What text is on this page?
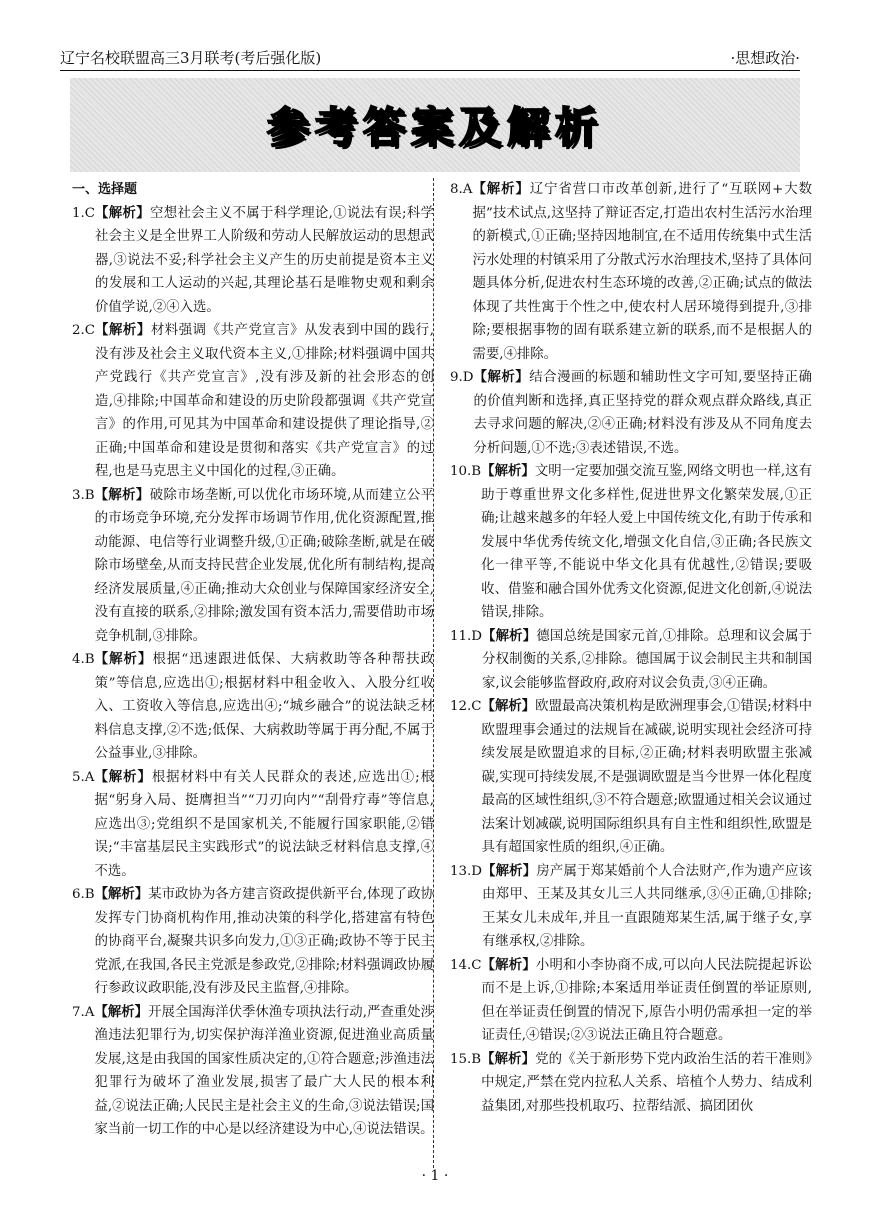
辽宁名校联盟高三3月联考(考后强化版)	·思想政治·
参考答案及解析
一、选择题
1.C 【解析】空想社会主义不属于科学理论,①说法有误;科学社会主义是全世界工人阶级和劳动人民解放运动的思想武器,③说法不妥;科学社会主义产生的历史前提是资本主义的发展和工人运动的兴起,其理论基石是唯物史观和剩余价值学说,②④入选。
2.C 【解析】材料强调《共产党宣言》从发表到中国的践行,没有涉及社会主义取代资本主义,①排除;材料强调中国共产党践行《共产党宣言》,没有涉及新的社会形态的创造,④排除;中国革命和建设的历史阶段都强调《共产党宣言》的作用,可见其为中国革命和建设提供了理论指导,②正确;中国革命和建设是贯彻和落实《共产党宣言》的过程,也是马克思主义中国化的过程,③正确。
3.B 【解析】破除市场垄断,可以优化市场环境,从而建立公平的市场竞争环境,充分发挥市场调节作用,优化资源配置,推动能源、电信等行业调整升级,①正确;破除垄断,就是在破除市场壁垒,从而支持民营企业发展,优化所有制结构,提高经济发展质量,④正确;推动大众创业与保障国家经济安全,没有直接的联系,②排除;激发国有资本活力,需要借助市场竞争机制,③排除。
4.B 【解析】根据“迅速跟进低保、大病救助等各种帮扶政策”等信息,应选出①;根据材料中租金收入、入股分红收入、工资收入等信息,应选出④;“城乡融合”的说法缺乏材料信息支撑,②不选;低保、大病救助等属于再分配,不属于公益事业,③排除。
5.A 【解析】根据材料中有关人民群众的表述,应选出①;根据“躬身入局、挺膺担当”“刀刃向内”“刮骨疗毒”等信息,应选出③;党组织不是国家机关,不能履行国家职能,②错误;“丰富基层民主实践形式”的说法缺乏材料信息支撑,④不选。
6.B 【解析】某市政协为各方建言资政提供新平台,体现了政协发挥专门协商机构作用,推动决策的科学化,搭建富有特色的协商平台,凝聚共识多向发力,①③正确;政协不等于民主党派,在我国,各民主党派是参政党,②排除;材料强调政协履行参政议政职能,没有涉及民主监督,④排除。
7.A 【解析】开展全国海洋伏季休渔专项执法行动,严查重处涉渔违法犯罪行为,切实保护海洋渔业资源,促进渔业高质量发展,这是由我国的国家性质决定的,①符合题意;涉渔违法犯罪行为破坏了渔业发展,损害了最广大人民的根本利益,②说法正确;人民民主是社会主义的生命,③说法错误;国家当前一切工作的中心是以经济建设为中心,④说法错误。
8.A 【解析】辽宁省营口市改革创新,进行了“互联网+大数据”技术试点,这坚持了辩证否定,打造出农村生活污水治理的新模式,①正确;坚持因地制宜,在不适用传统集中式生活污水处理的村镇采用了分散式污水治理技术,坚持了具体问题具体分析,促进农村生态环境的改善,②正确;试点的做法体现了共性寓于个性之中,使农村人居环境得到提升,③排除;要根据事物的固有联系建立新的联系,而不是根据人的需要,④排除。
9.D 【解析】结合漫画的标题和辅助性文字可知,要坚持正确的价值判断和选择,真正坚持党的群众观点群众路线,真正去寻求问题的解决,②④正确;材料没有涉及从不同角度去分析问题,①不选;③表述错误,不选。
10.B 【解析】文明一定要加强交流互鉴,网络文明也一样,这有助于尊重世界文化多样性,促进世界文化繁荣发展,①正确;让越来越多的年轻人爱上中国传统文化,有助于传承和发展中华优秀传统文化,增强文化自信,③正确;各民族文化一律平等,不能说中华文化具有优越性,②错误;要吸收、借鉴和融合国外优秀文化资源,促进文化创新,④说法错误,排除。
11.D 【解析】德国总统是国家元首,①排除。总理和议会属于分权制衡的关系,②排除。德国属于议会制民主共和制国家,议会能够监督政府,政府对议会负责,③④正确。
12.C 【解析】欧盟最高决策机构是欧洲理事会,①错误;材料中欧盟理事会通过的法规旨在减碳,说明实现社会经济可持续发展是欧盟追求的目标,②正确;材料表明欧盟主张减碳,实现可持续发展,不是强调欧盟是当今世界一体化程度最高的区域性组织,③不符合题意;欧盟通过相关会议通过法案计划减碳,说明国际组织具有自主性和组织性,欧盟是具有超国家性质的组织,④正确。
13.D 【解析】房产属于郑某婚前个人合法财产,作为遗产应该由郑甲、王某及其女儿三人共同继承,③④正确,①排除;王某女儿未成年,并且一直跟随郑某生活,属于继子女,享有继承权,②排除。
14.C 【解析】小明和小李协商不成,可以向人民法院提起诉讼而不是上诉,①排除;本案适用举证责任倒置的举证原则,但在举证责任倒置的情况下,原告小明仍需承担一定的举证责任,④错误;②③说法正确且符合题意。
15.B 【解析】党的《关于新形势下党内政治生活的若干准则》中规定,严禁在党内拉私人关系、培植个人势力、结成利益集团,对那些投机取巧、拉帮结派、搞团团伙
· 1 ·
